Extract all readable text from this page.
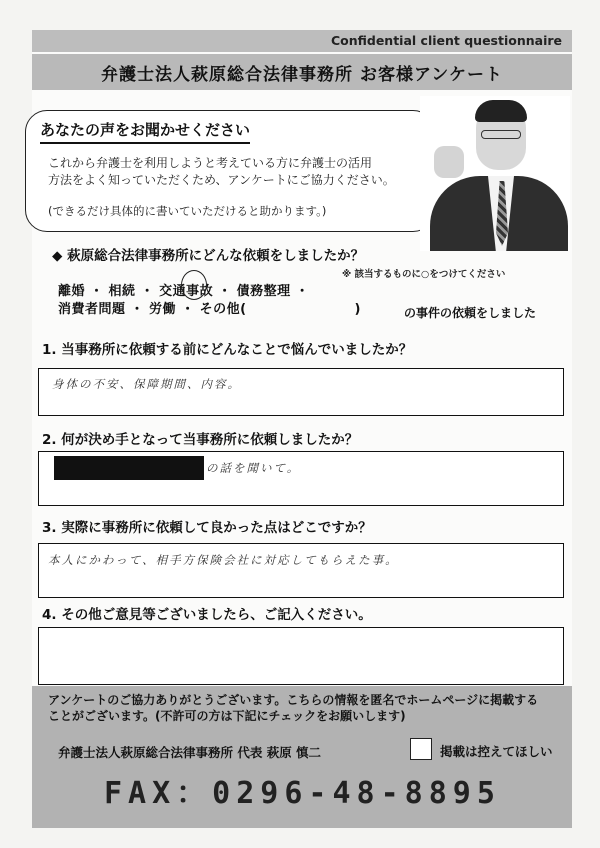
Confidential client questionnaire
弁護士法人萩原総合法律事務所 お客様アンケート
あなたの声をお聞かせください
これから弁護士を利用しようと考えている方に弁護士の活用
方法をよく知っていただくため、アンケートにご協力ください。
(できるだけ具体的に書いていただけると助かります。)
◆ 萩原総合法律事務所にどんな依頼をしましたか？
※ 該当するものに○をつけてください
離婚 ・ 相続 ・ 交通事故 ・ 債務整理 ・
消費者問題 ・ 労働 ・ その他(　　　　　　　　)	の事件の依頼をしました
1. 当事務所に依頼する前にどんなことで悩んでいましたか？
身体の不安、保障期間、内容。
2. 何が決め手となって当事務所に依頼しましたか？
の話を聞いて。
3. 実際に事務所に依頼して良かった点はどこですか？
本人にかわって、相手方保険会社に対応してもらえた事。
4. その他ご意見等ございましたら、ご記入ください。
アンケートのご協力ありがとうございます。こちらの情報を匿名でホームページに掲載する
ことがございます。(不許可の方は下記にチェックをお願いします)
弁護士法人萩原総合法律事務所 代表 萩原 慎二	掲載は控えてほしい
FAX：0296-48-8895
